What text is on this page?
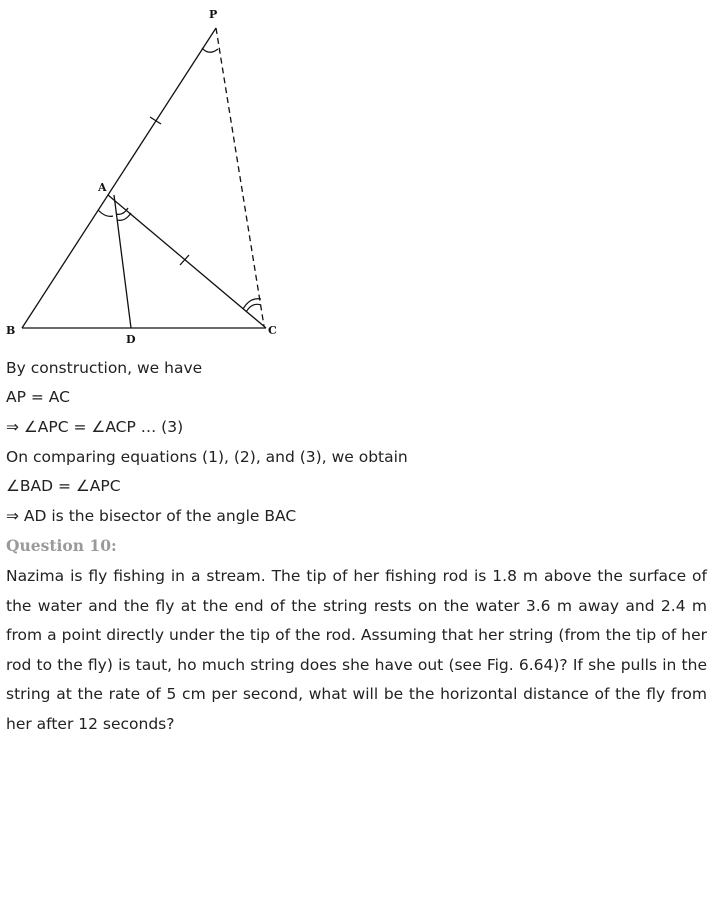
P
A
B	C
D
By construction, we have
AP = AC
⇒ ∠APC = ∠ACP … (3)
On comparing equations (1), (2), and (3), we obtain
∠BAD = ∠APC
⇒ AD is the bisector of the angle BAC
Question 10:
Nazima is fly fishing in a stream. The tip of her fishing rod is 1.8 m above the surface of the water and the fly at the end of the string rests on the water 3.6 m away and 2.4 m from a point directly under the tip of the rod. Assuming that her string (from the tip of her rod to the fly) is taut, ho much string does she have out (see Fig. 6.64)? If she pulls in the string at the rate of 5 cm per second, what will be the horizontal distance of the fly from her after 12 seconds?
